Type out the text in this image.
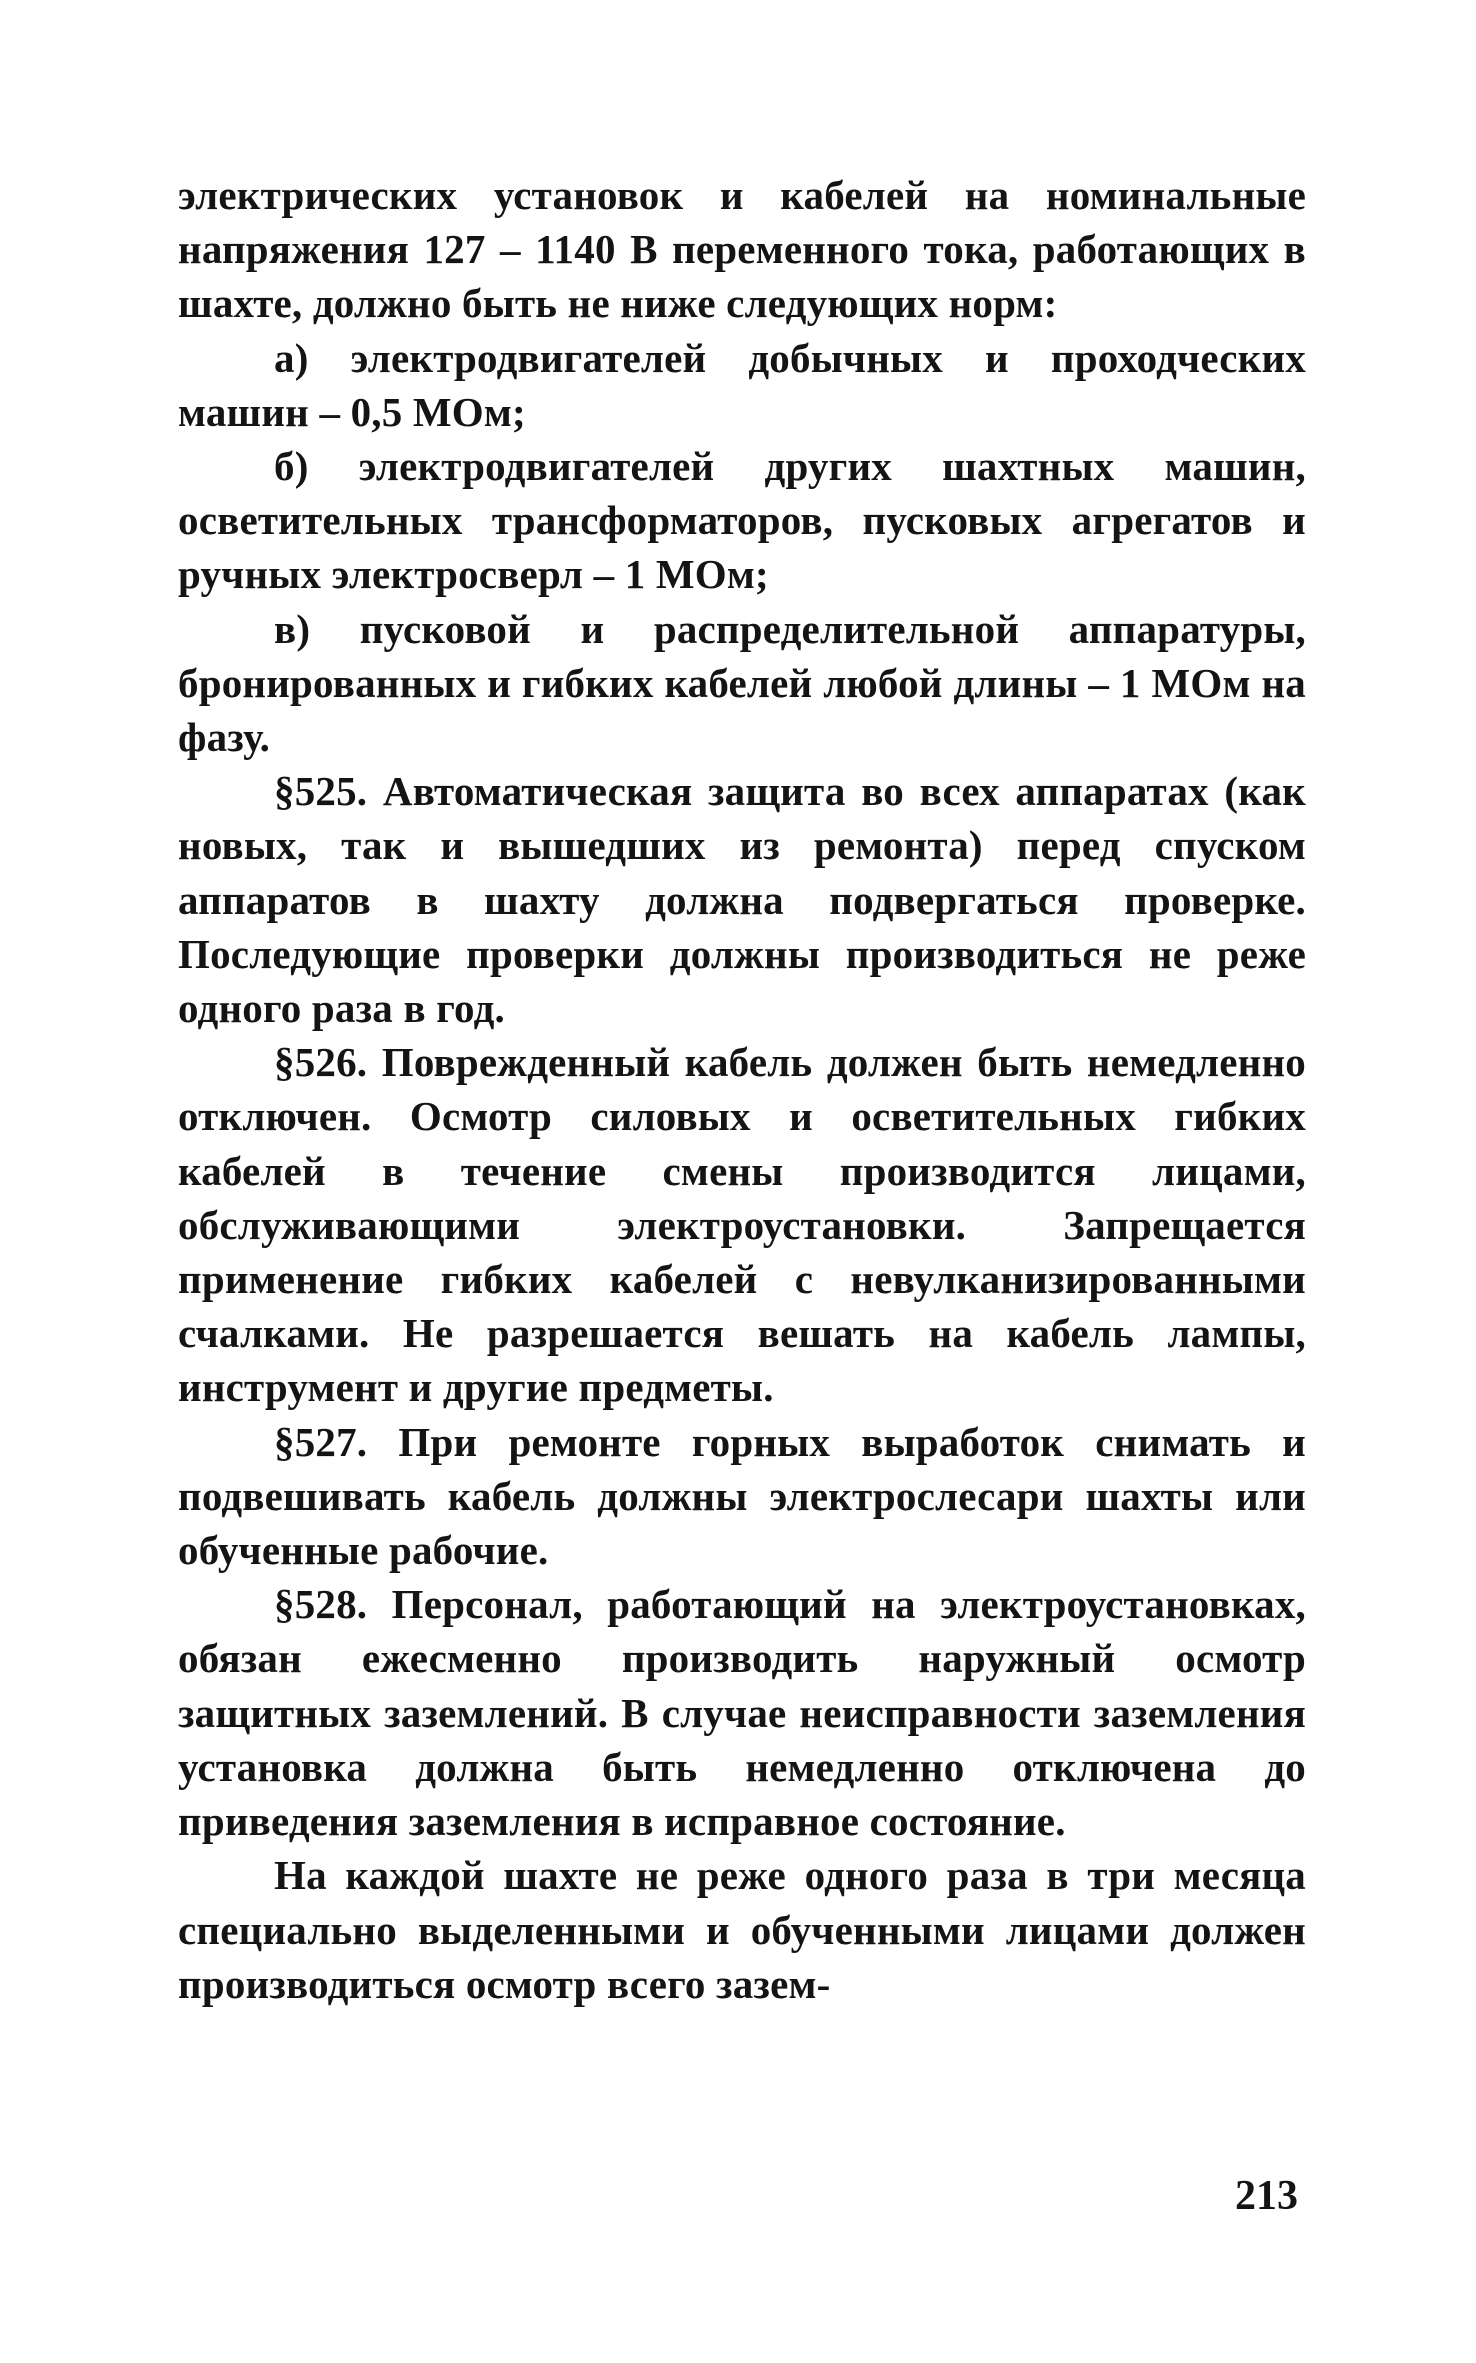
электрических установок и кабелей на номинальные напряжения 127 – 1140 В переменного тока, работающих в шахте, должно быть не ниже следующих норм:

а) электродвигателей добычных и проходческих машин – 0,5 МОм;

б) электродвигателей других шахтных машин, осветительных трансформаторов, пусковых агрегатов и ручных электросверл – 1 МОм;

в) пусковой и распределительной аппаратуры, бронированных и гибких кабелей любой длины – 1 МОм на фазу.

§525. Автоматическая защита во всех аппаратах (как новых, так и вышедших из ремонта) перед спуском аппаратов в шахту должна подвергаться проверке. Последующие проверки должны производиться не реже одного раза в год.

§526. Поврежденный кабель должен быть немедленно отключен. Осмотр силовых и осветительных гибких кабелей в течение смены производится лицами, обслуживающими электроустановки. Запрещается применение гибких кабелей с невулканизированными счалками. Не разрешается вешать на кабель лампы, инструмент и другие предметы.

§527. При ремонте горных выработок снимать и подвешивать кабель должны электрослесари шахты или обученные рабочие.

§528. Персонал, работающий на электроустановках, обязан ежесменно производить наружный осмотр защитных заземлений. В случае неисправности заземления установка должна быть немедленно отключена до приведения заземления в исправное состояние.

На каждой шахте не реже одного раза в три месяца специально выделенными и обученными лицами должен производиться осмотр всего зазем-

213
